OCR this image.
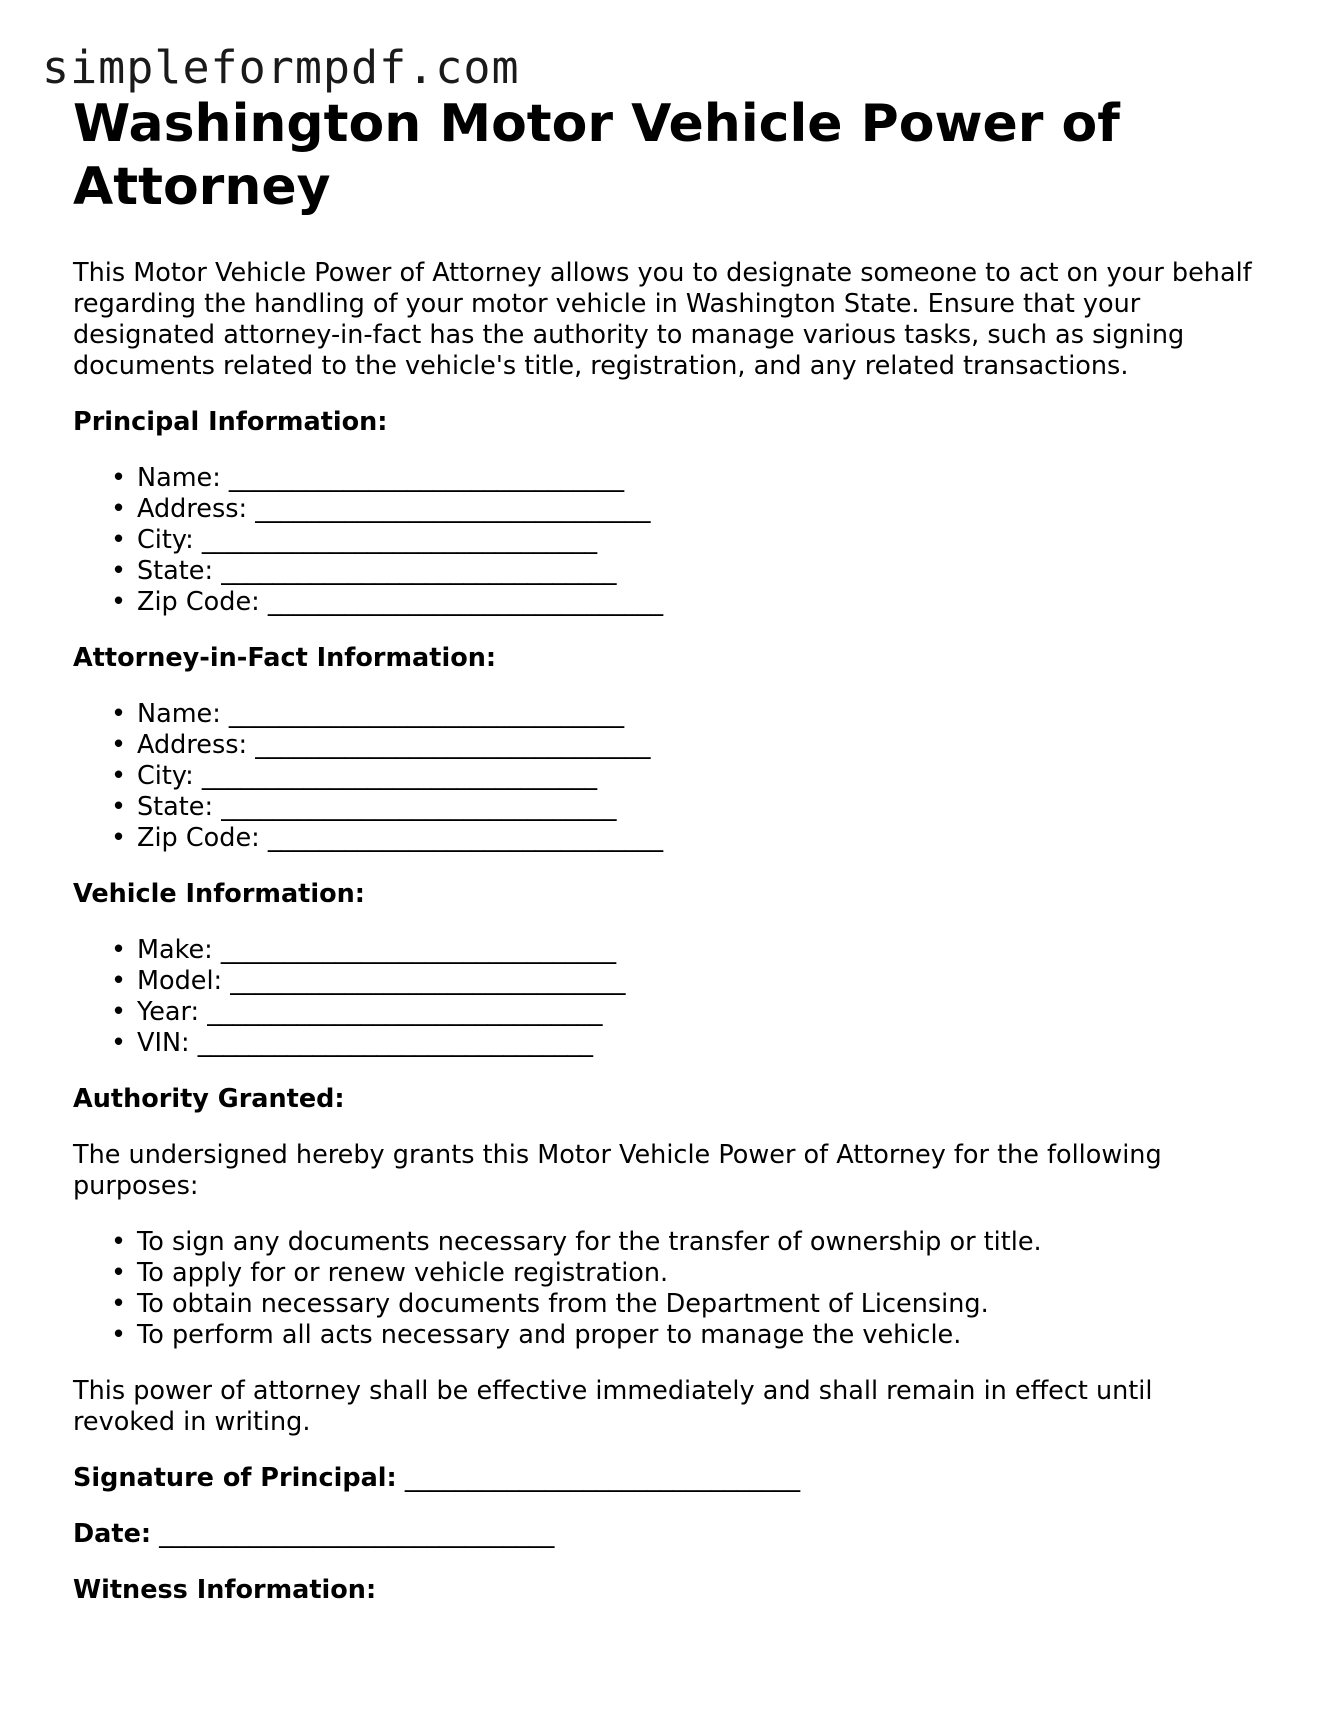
simpleformpdf.com
Washington Motor Vehicle Power of Attorney

This Motor Vehicle Power of Attorney allows you to designate someone to act on your behalf regarding the handling of your motor vehicle in Washington State. Ensure that your designated attorney-in-fact has the authority to manage various tasks, such as signing documents related to the vehicle's title, registration, and any related transactions.

Principal Information:
• Name: _______________________________
• Address: _______________________________
• City: _______________________________
• State: _______________________________
• Zip Code: _______________________________
Attorney-in-Fact Information:
• Name: _______________________________
• Address: _______________________________
• City: _______________________________
• State: _______________________________
• Zip Code: _______________________________
Vehicle Information:
• Make: _______________________________
• Model: _______________________________
• Year: _______________________________
• VIN: _______________________________
Authority Granted:

The undersigned hereby grants this Motor Vehicle Power of Attorney for the following purposes:

• To sign any documents necessary for the transfer of ownership or title.
• To apply for or renew vehicle registration.
• To obtain necessary documents from the Department of Licensing.
• To perform all acts necessary and proper to manage the vehicle.

This power of attorney shall be effective immediately and shall remain in effect until revoked in writing.

Signature of Principal: _______________________________

Date: _______________________________

Witness Information:
